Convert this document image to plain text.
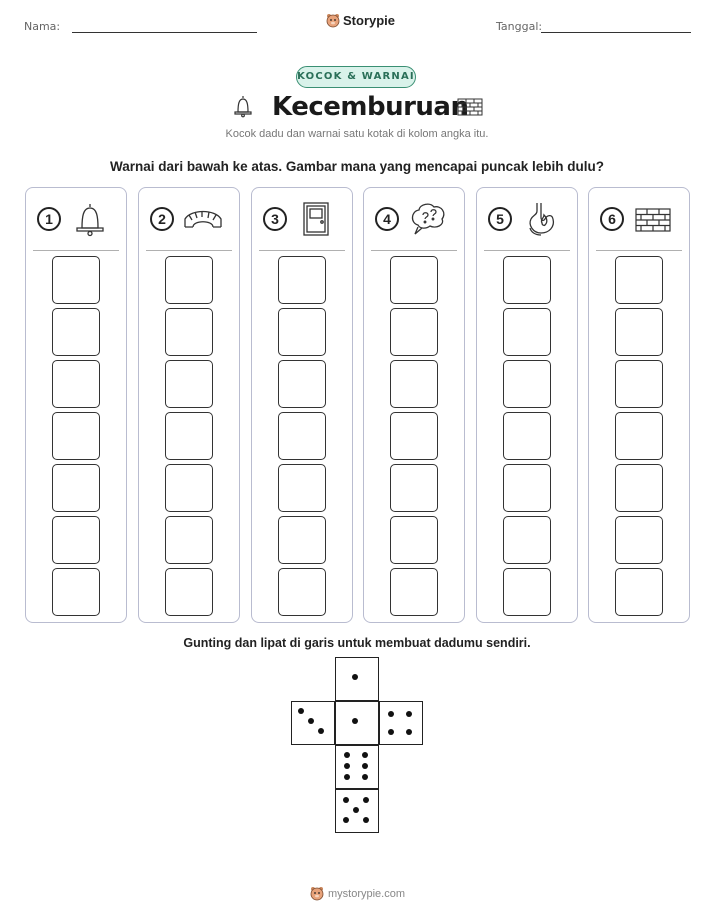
Nama:	Storypie	Tanggal:
KOCOK & WARNAI
Kecemburuan
Kocok dadu dan warnai satu kotak di kolom angka itu.
Warnai dari bawah ke atas. Gambar mana yang mencapai puncak lebih dulu?
1	2	3	4	5	6
Gunting dan lipat di garis untuk membuat dadumu sendiri.
mystorypie.com
